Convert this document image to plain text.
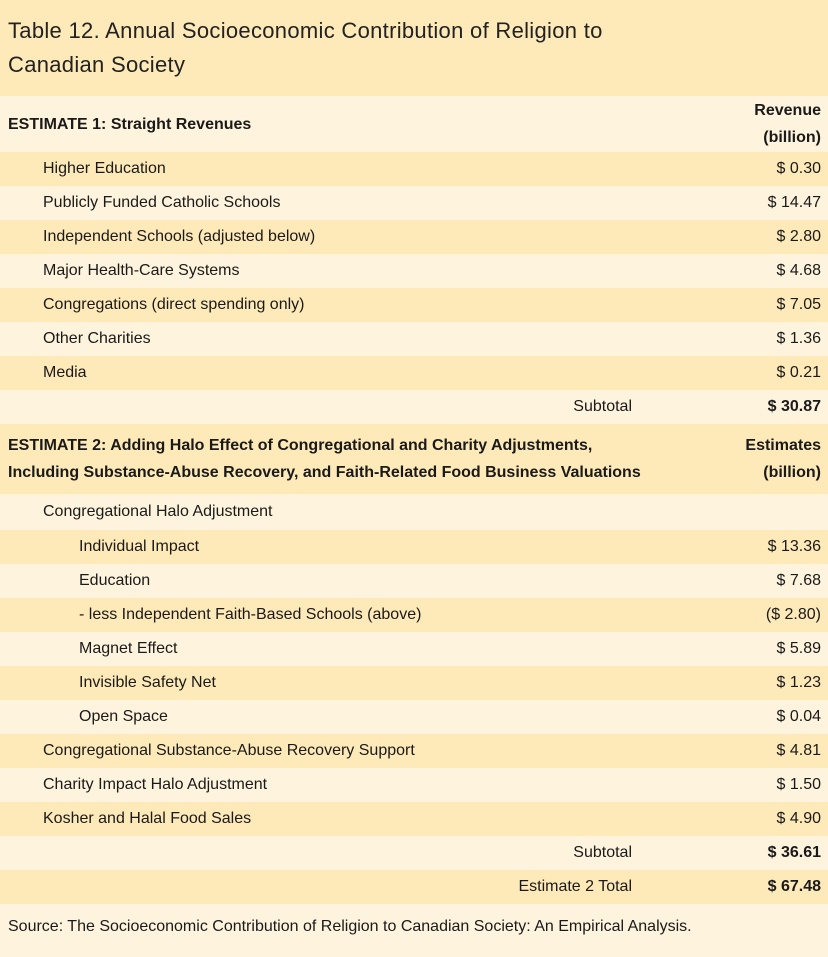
Table 12. Annual Socioeconomic Contribution of Religion to
Canadian Society
ESTIMATE 1: Straight Revenues
Revenue
(billion)
Higher Education	$ 0.30
Publicly Funded Catholic Schools	$ 14.47
Independent Schools (adjusted below)	$ 2.80
Major Health-Care Systems	$ 4.68
Congregations (direct spending only)	$ 7.05
Other Charities	$ 1.36
Media	$ 0.21
Subtotal	$ 30.87
ESTIMATE 2: Adding Halo Effect of Congregational and Charity Adjustments,
Including Substance-Abuse Recovery, and Faith-Related Food Business Valuations
Estimates
(billion)
Congregational Halo Adjustment
Individual Impact	$ 13.36
Education	$ 7.68
- less Independent Faith-Based Schools (above)	($ 2.80)
Magnet Effect	$ 5.89
Invisible Safety Net	$ 1.23
Open Space	$ 0.04
Congregational Substance-Abuse Recovery Support	$ 4.81
Charity Impact Halo Adjustment	$ 1.50
Kosher and Halal Food Sales	$ 4.90
Subtotal	$ 36.61
Estimate 2 Total	$ 67.48
Source: The Socioeconomic Contribution of Religion to Canadian Society: An Empirical Analysis.
